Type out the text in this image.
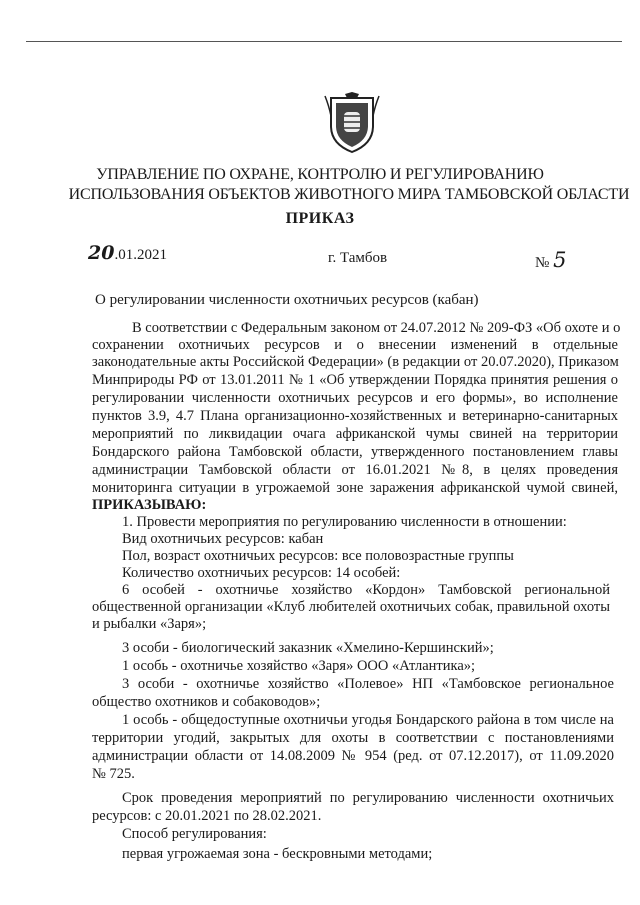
УПРАВЛЕНИЕ ПО ОХРАНЕ, КОНТРОЛЮ И РЕГУЛИРОВАНИЮ
ИСПОЛЬЗОВАНИЯ ОБЪЕКТОВ ЖИВОТНОГО МИРА ТАМБОВСКОЙ ОБЛАСТИ
ПРИКАЗ
20.01.2021	г. Тамбов	№ 5
О регулировании численности охотничьих ресурсов (кабан)
В соответствии с Федеральным законом от 24.07.2012 № 209-ФЗ «Об охоте и о
сохранении охотничьих ресурсов и о внесении изменений в отдельные
законодательные акты Российской Федерации» (в редакции от 20.07.2020), Приказом
Минприроды РФ от 13.01.2011 № 1 «Об утверждении Порядка принятия решения о
регулировании численности охотничьих ресурсов и его формы», во исполнение
пунктов 3.9, 4.7 Плана организационно-хозяйственных и ветеринарно-санитарных
мероприятий по ликвидации очага африканской чумы свиней на территории
Бондарского района Тамбовской области, утвержденного постановлением главы
администрации Тамбовской области от 16.01.2021 №8, в целях проведения
мониторинга ситуации в угрожаемой зоне заражения африканской чумой свиней,
ПРИКАЗЫВАЮ:
1. Провести мероприятия по регулированию численности в отношении:
Вид охотничьих ресурсов: кабан
Пол, возраст охотничьих ресурсов: все половозрастные группы
Количество охотничьих ресурсов: 14 особей:
6 особей - охотничье хозяйство «Кордон» Тамбовской региональной
общественной организации «Клуб любителей охотничьих собак, правильной охоты
и рыбалки «Заря»;
3 особи - биологический заказник «Хмелино-Кершинский»;
1 особь - охотничье хозяйство «Заря» ООО «Атлантика»;
3 особи - охотничье хозяйство «Полевое» НП «Тамбовское региональное
общество охотников и собаководов»;
1 особь - общедоступные охотничьи угодья Бондарского района в том числе на
территории угодий, закрытых для охоты в соответствии с постановлениями
администрации области от 14.08.2009 № 954 (ред. от 07.12.2017), от 11.09.2020
№ 725.
Срок проведения мероприятий по регулированию численности охотничьих
ресурсов: с 20.01.2021 по 28.02.2021.
Способ регулирования:
первая угрожаемая зона - бескровными методами;
